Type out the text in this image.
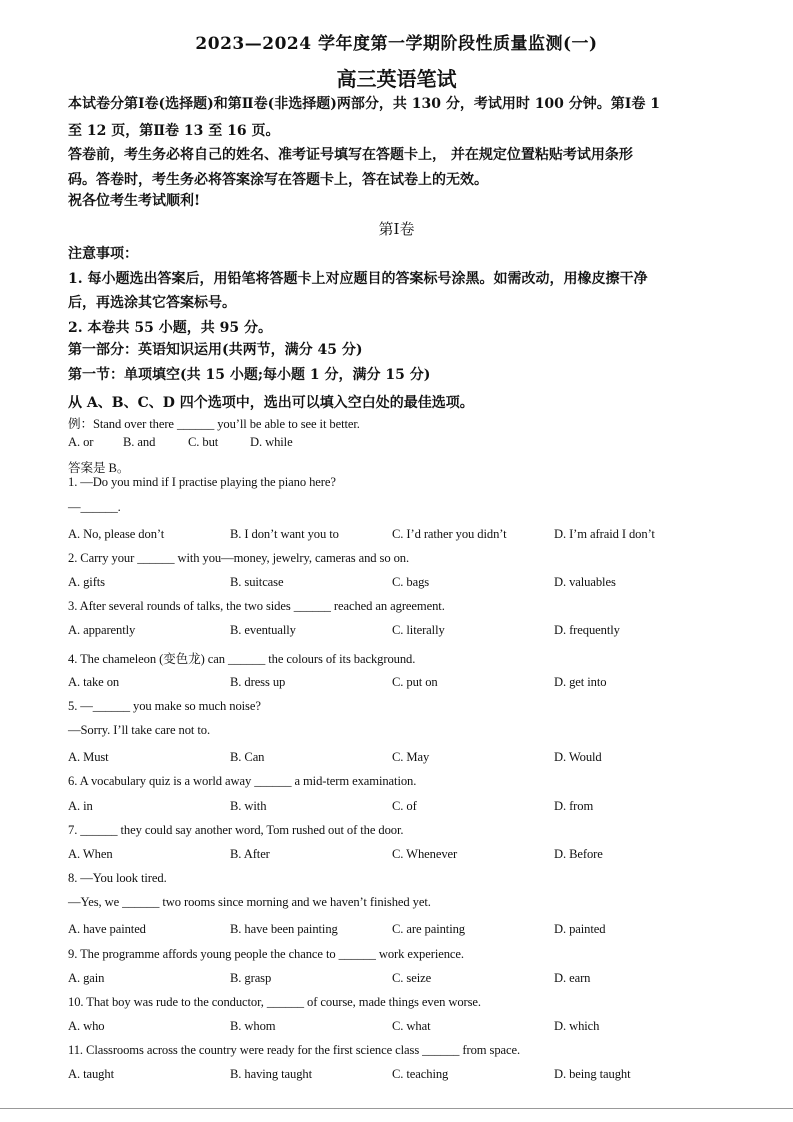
2023—2024 学年度第一学期阶段性质量监测(一)
高三英语笔试
本试卷分第Ⅰ卷(选择题)和第Ⅱ卷(非选择题)两部分，共 130 分，考试用时 100 分钟。第Ⅰ卷 1
至 12 页，第Ⅱ卷 13 至 16 页。
答卷前，考生务必将自己的姓名、准考证号填写在答题卡上， 并在规定位置粘贴考试用条形
码。答卷时，考生务必将答案涂写在答题卡上，答在试卷上的无效。
祝各位考生考试顺利!
第Ⅰ卷
注意事项：
1. 每小题选出答案后，用铅笔将答题卡上对应题目的答案标号涂黑。如需改动，用橡皮擦干净
后，再选涂其它答案标号。
2. 本卷共 55 小题，共 95 分。
第一部分：英语知识运用(共两节，满分 45 分)
第一节：单项填空(共 15 小题;每小题 1 分，满分 15 分)
从 A、B、C、D 四个选项中，选出可以填入空白处的最佳选项。
例：Stand over there ______ you’ll be able to see it better.
A. or B. and	C. but	D. while
答案是 B。
1. —Do you mind if I practise playing the piano here?
—______.
A. No, please don’t	B. I don’t want you to	C. I’d rather you didn’t	D. I’m afraid I don’t
2. Carry your ______ with you—money, jewelry, cameras and so on.
A. gifts	B. suitcase	C. bags	D. valuables
3. After several rounds of talks, the two sides ______ reached an agreement.
A. apparently	B. eventually	C. literally	D. frequently
4. The chameleon (变色龙) can ______ the colours of its background.
A. take on	B. dress up	C. put on	D. get into
5. —______ you make so much noise?
—Sorry. I’ll take care not to.
A. Must	B. Can	C. May	D. Would
6. A vocabulary quiz is a world away ______ a mid-term examination.
A. in	B. with	C. of	D. from
7. ______ they could say another word, Tom rushed out of the door.
A. When	B. After	C. Whenever	D. Before
8. —You look tired.
—Yes, we ______ two rooms since morning and we haven’t finished yet.
A. have painted	B. have been painting	C. are painting	D. painted
9. The programme affords young people the chance to ______ work experience.
A. gain	B. grasp	C. seize	D. earn
10. That boy was rude to the conductor, ______ of course, made things even worse.
A. who	B. whom	C. what	D. which
11. Classrooms across the country were ready for the first science class ______ from space.
A. taught	B. having taught	C. teaching	D. being taught
